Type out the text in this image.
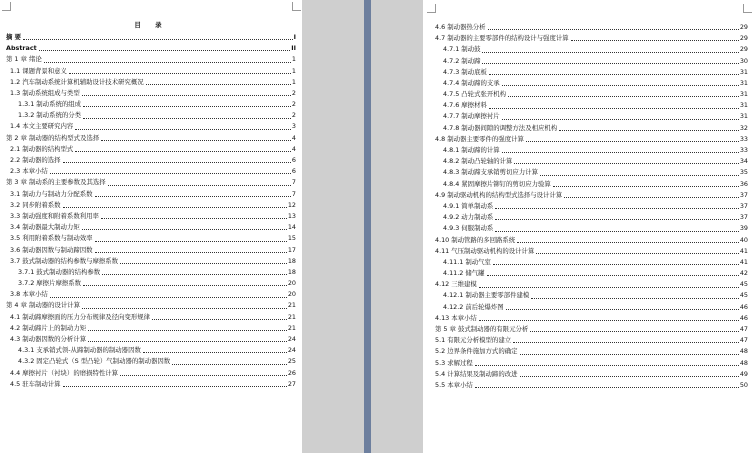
目 录
摘 要	I
Abstract	II
第 1 章 绪论	1
1.1 课题背景和意义	1
1.2 汽车制动系统计算机辅助设计技术研究概况	1
1.3 制动系统组成与类型	2
1.3.1 制动系统的组成	2
1.3.2 制动系统的分类	2
1.4 本文主要研究内容	3
第 2 章 制动器的结构型式及选择	4
2.1 制动器的结构型式	4
2.2 制动器的选择	6
2.3 本章小结	6
第 3 章 制动系的主要参数及其选择	7
3.1 制动力与制动力分配系数	7
3.2 同步附着系数	12
3.3 制动强度和附着系数利用率	13
3.4 制动器最大制动力矩	14
3.5 利用附着系数与制动效率	15
3.6 制动器因数与制动蹄因数	17
3.7 鼓式制动器的结构参数与摩擦系数	18
3.7.1 鼓式制动器的结构参数	18
3.7.2 摩擦片摩擦系数	20
3.8 本章小结	20
第 4 章 制动器的设计计算	21
4.1 制动蹄摩擦面的压力分布规律及径向变形规律	21
4.2 制动蹄片上的制动力矩	21
4.3 制动器因数的分析计算	24
4.3.1 支承销式领-从蹄制动器的制动器因数	24
4.3.2 固定凸轮式（S 型凸轮）气制动器的制动器因数	25
4.4 摩擦衬片（衬块）的磨损特性计算	26
4.5 驻车制动计算	27
4.6 制动器热分析	29
4.7 制动器的主要零部件的结构设计与强度计算	29
4.7.1 制动鼓	29
4.7.2 制动蹄	30
4.7.3 制动底板	31
4.7.4 制动蹄的支承	31
4.7.5 凸轮式张开机构	31
4.7.6 摩擦材料	31
4.7.7 制动摩擦衬片	31
4.7.8 制动器间隙的调整方法及相应机构	32
4.8 制动器主要零件的强度计算	33
4.8.1 制动蹄的计算	33
4.8.2 制动凸轮轴的计算	34
4.8.3 制动蹄支承销剪切应力计算	35
4.8.4 紧固摩擦片铆钉的剪切应力验算	36
4.9 制动驱动机构的结构型式选择与设计计算	37
4.9.1 简单制动系	37
4.9.2 动力制动系	37
4.9.3 伺服制动系	39
4.10 制动管路的多回路系统	40
4.11 气压制动驱动机构的设计计算	41
4.11.1 制动气室	41
4.11.2 储气罐	42
4.12 三维建模	45
4.12.1 制动器主要零部件建模	45
4.12.2 前后轮爆炸图	46
4.13 本章小结	46
第 5 章 鼓式制动器的有限元分析	47
5.1 有限元分析模型的建立	47
5.2 边界条件施加方式的确定	48
5.3 求解过程	48
5.4 计算结果及制动蹄的改进	49
5.5 本章小结	50
